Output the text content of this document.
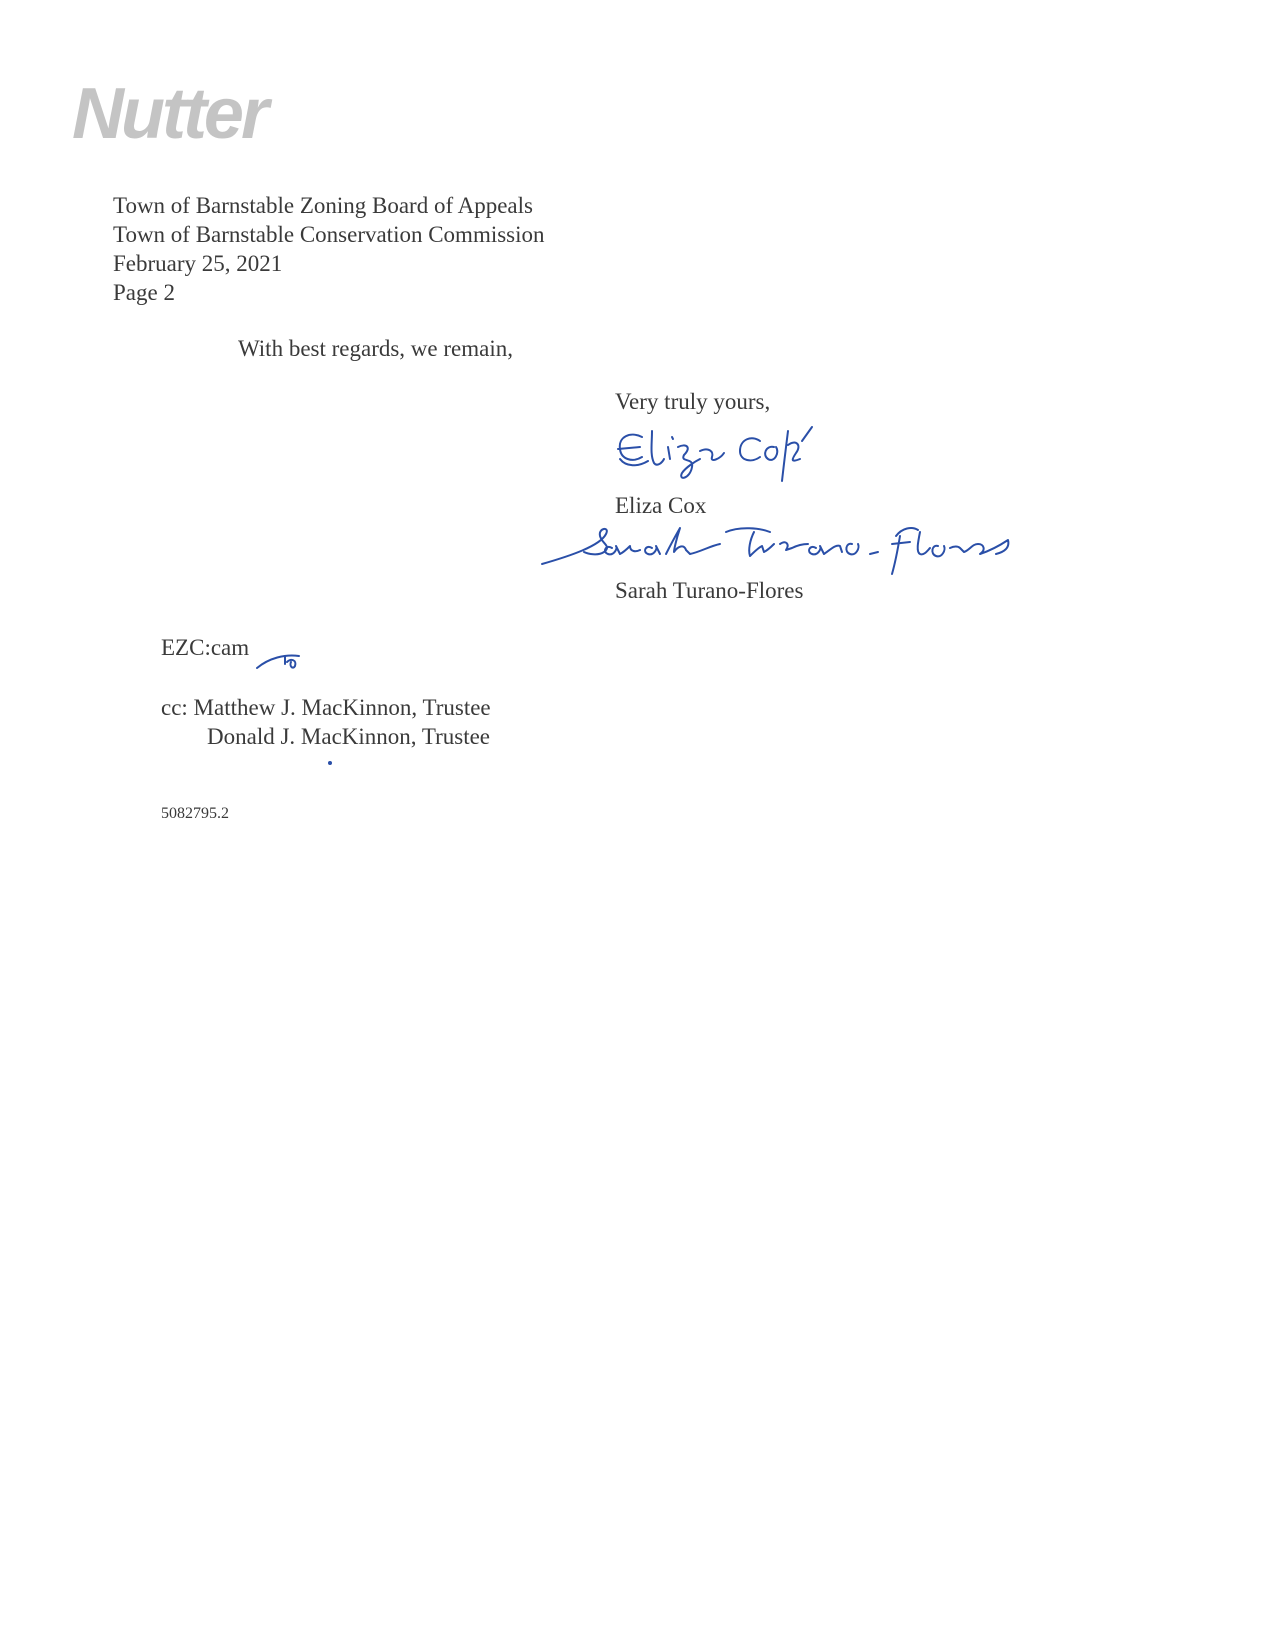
Nutter
Town of Barnstable Zoning Board of Appeals
Town of Barnstable Conservation Commission
February 25, 2021
Page 2
With best regards, we remain,
Very truly yours,
Eliza Cox
Sarah Turano-Flores
EZC:cam
cc: Matthew J. MacKinnon, Trustee
Donald J. MacKinnon, Trustee
5082795.2
